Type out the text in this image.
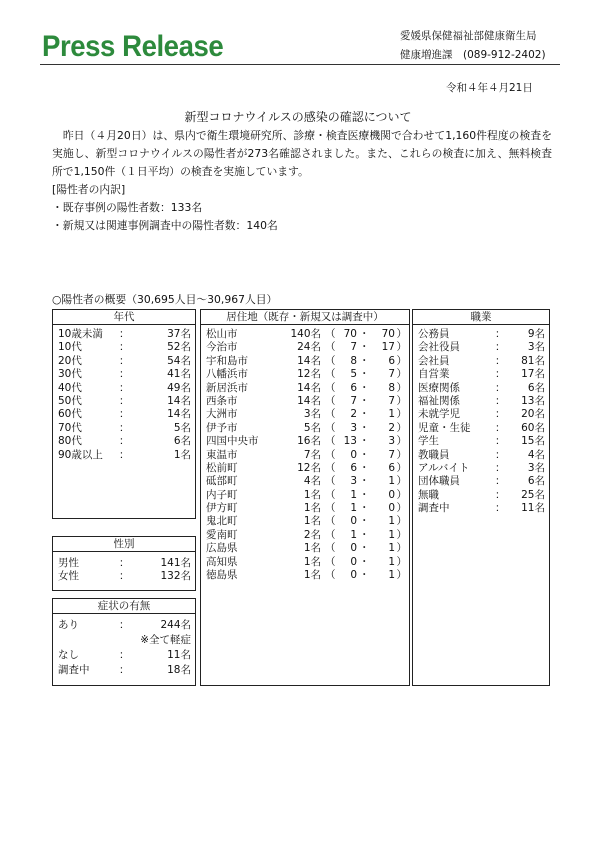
Press Release	愛媛県保健福祉部健康衛生局
健康増進課　(089-912-2402)
令和４年４月21日
新型コロナウイルスの感染の確認について
　昨日（４月20日）は、県内で衛生環境研究所、診療・検査医療機関で合わせて1,160件程度の検査を実施し、新型コロナウイルスの陽性者が273名確認されました。また、これらの検査に加え、無料検査所で1,150件（１日平均）の検査を実施しています。
[陽性者の内訳]
・既存事例の陽性者数：133名
・新規又は関連事例調査中の陽性者数：140名
○陽性者の概要（30,695人目～30,967人目）
年代
10歳未満 ：	37名
10代	：	52名
20代	：	54名
30代	：	41名
40代	：	49名
50代	：	14名
60代	：	14名
70代	：	5名
80代	：	6名
90歳以上 ：	1名
性別
男性	：	141名
女性	：	132名
症状の有無
あり	：	244名
※全て軽症
なし	：	11名
調査中	：	18名
居住地（既存・新規又は調査中）
松山市	140名 （ 70 ・ 70 ）
今治市	24名 （ 7 ・ 17 ）
宇和島市	14名 （ 8 ・ 6 ）
八幡浜市	12名 （ 5 ・ 7 ）
新居浜市	14名 （ 6 ・ 8 ）
西条市	14名 （ 7 ・ 7 ）
大洲市	3名 （ 2 ・ 1 ）
伊予市	5名 （ 3 ・ 2 ）
四国中央市	16名 （ 13 ・ 3 ）
東温市	7名 （ 0 ・ 7 ）
松前町	12名 （ 6 ・ 6 ）
砥部町	4名 （ 3 ・ 1 ）
内子町	1名 （ 1 ・ 0 ）
伊方町	1名 （ 1 ・ 0 ）
鬼北町	1名 （ 0 ・ 1 ）
愛南町	2名 （ 1 ・ 1 ）
広島県	1名 （ 0 ・ 1 ）
高知県	1名 （ 0 ・ 1 ）
徳島県	1名 （ 0 ・ 1 ）
職業
公務員	： 9名
会社役員	： 3名
会社員	： 81名
自営業	： 17名
医療関係	： 6名
福祉関係	： 13名
未就学児	： 20名
児童・生徒 ： 60名
学生	： 15名
教職員	： 4名
アルバイト ： 3名
団体職員	： 6名
無職	： 25名
調査中	： 11名
